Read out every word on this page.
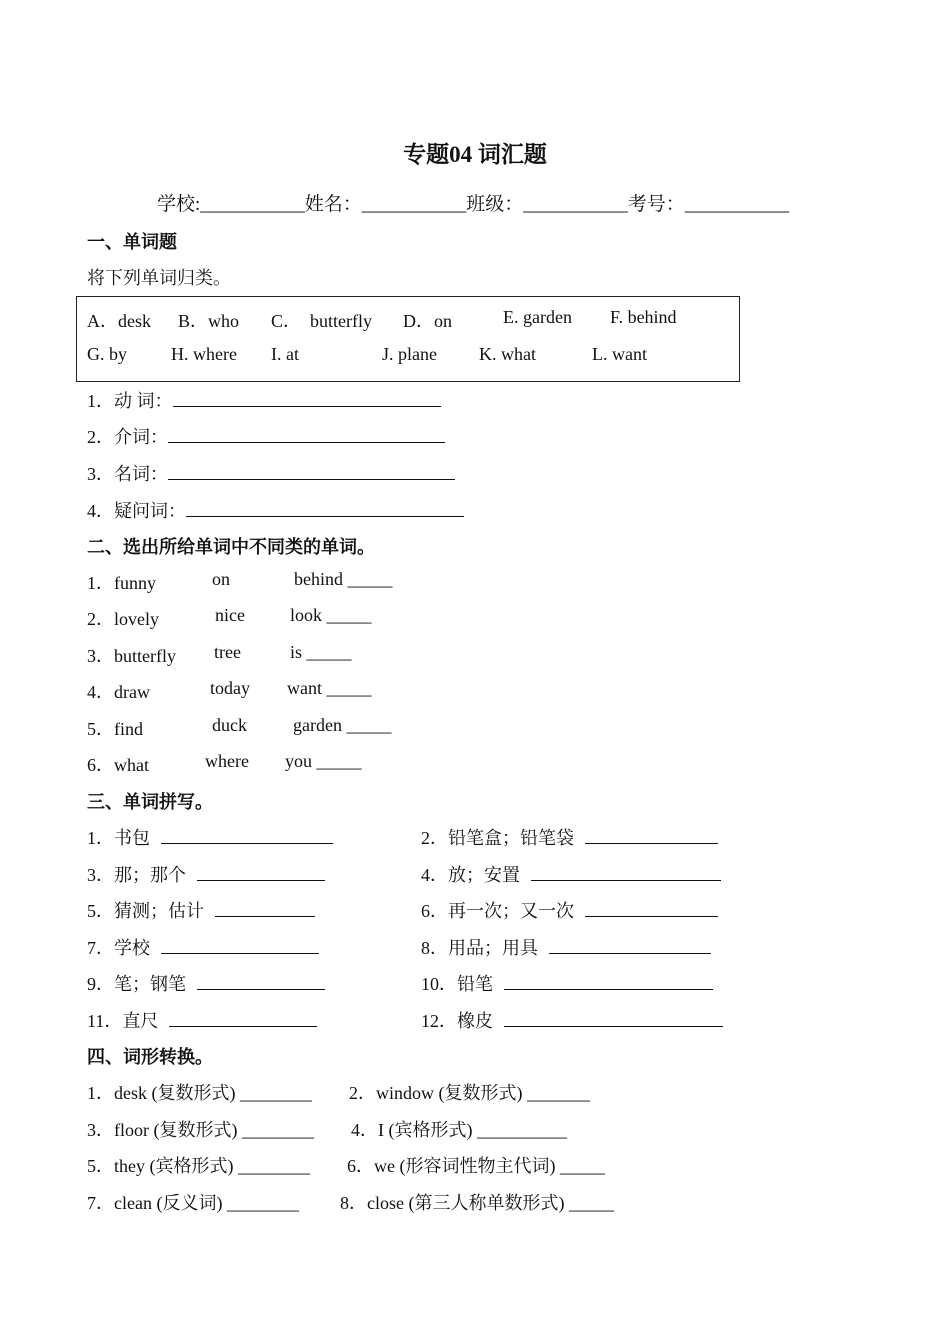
专题04 词汇题
学校:___________姓名：___________班级：___________考号：___________
一、单词题
将下列单词归类。
A．desk B．who C．  butterfly D．on	E. garden F. behind
G. by H. where I. at	J. plane K. what	L. want
1．动 词：
2．介词：
3．名词：
4．疑问词：
二、选出所给单词中不同类的单词。
1．funny	on	behind _____
2．lovely	nice	look _____
3．butterfly tree	is _____
4．draw	today want _____
5．find	duck	garden _____
6．what	where you _____
三、单词拼写。
1．书包	2．铅笔盒；铅笔袋
3．那；那个	4．放；安置
5．猜测；估计	6．再一次；又一次
7．学校	8．用品；用具
9．笔；钢笔	10．铅笔
11．直尺	12．橡皮
四、词形转换。
1．desk (复数形式) ________ 2．window (复数形式) _______
3．floor (复数形式) ________ 4．I (宾格形式) __________
5．they (宾格形式) ________ 6．we (形容词性物主代词) _____
7．clean (反义词) ________ 8．close (第三人称单数形式) _____
